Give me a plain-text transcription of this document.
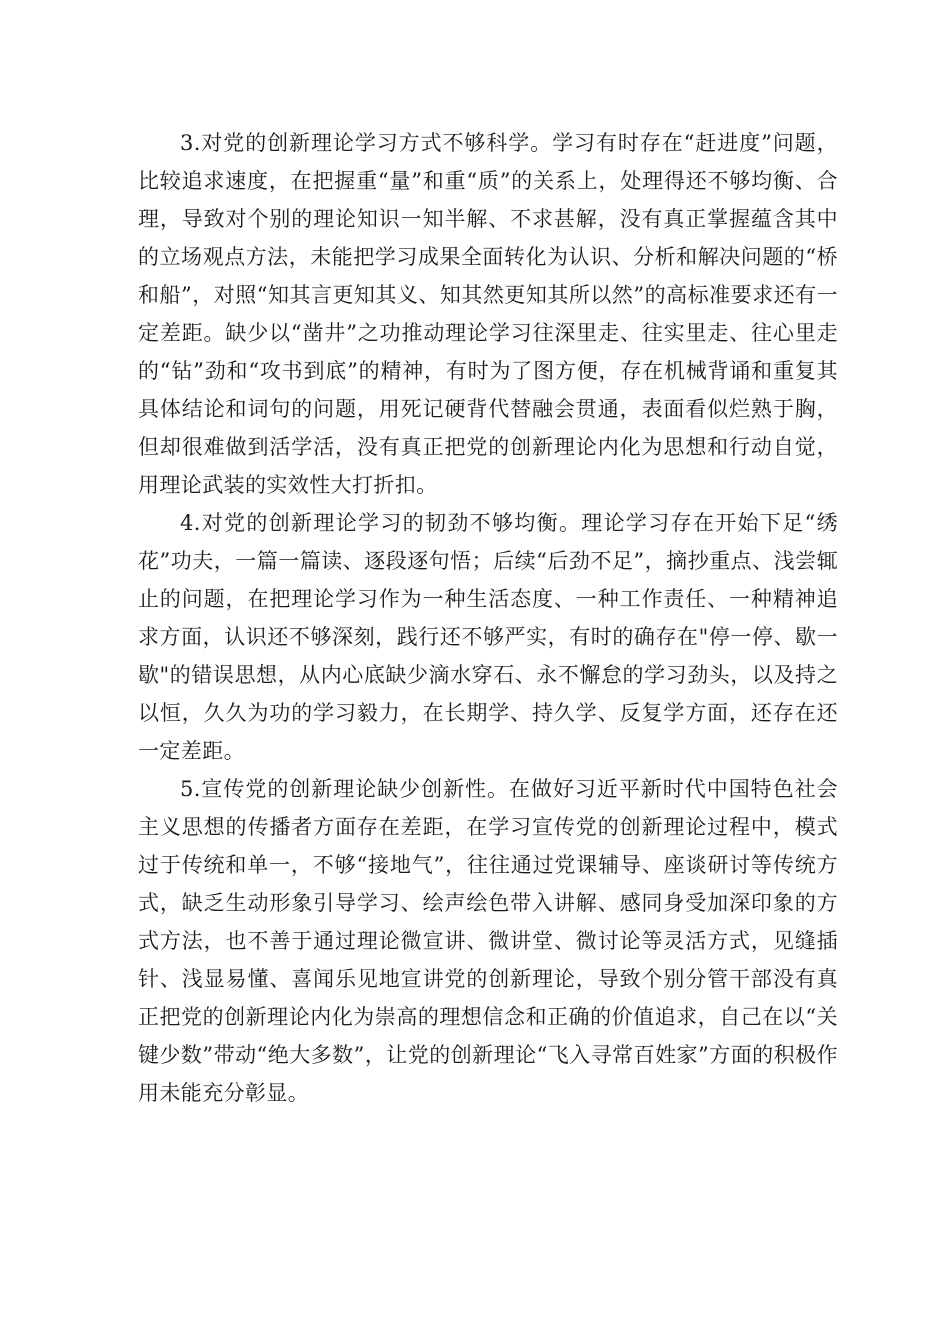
3.对党的创新理论学习方式不够科学。学习有时存在“赶进度”问题，比较追求速度，在把握重“量”和重“质”的关系上，处理得还不够均衡、合理，导致对个别的理论知识一知半解、不求甚解，没有真正掌握蕴含其中的立场观点方法，未能把学习成果全面转化为认识、分析和解决问题的“桥和船”，对照“知其言更知其义、知其然更知其所以然”的高标准要求还有一定差距。缺少以“凿井”之功推动理论学习往深里走、往实里走、往心里走的“钻”劲和“攻书到底”的精神，有时为了图方便，存在机械背诵和重复其具体结论和词句的问题，用死记硬背代替融会贯通，表面看似烂熟于胸，但却很难做到活学活，没有真正把党的创新理论内化为思想和行动自觉，用理论武装的实效性大打折扣。

4.对党的创新理论学习的韧劲不够均衡。理论学习存在开始下足“绣花”功夫，一篇一篇读、逐段逐句悟；后续“后劲不足”，摘抄重点、浅尝辄止的问题，在把理论学习作为一种生活态度、一种工作责任、一种精神追求方面，认识还不够深刻，践行还不够严实，有时的确存在"停一停、歇一歇"的错误思想，从内心底缺少滴水穿石、永不懈怠的学习劲头，以及持之以恒，久久为功的学习毅力，在长期学、持久学、反复学方面，还存在还一定差距。

5.宣传党的创新理论缺少创新性。在做好习近平新时代中国特色社会主义思想的传播者方面存在差距，在学习宣传党的创新理论过程中，模式过于传统和单一，不够“接地气”，往往通过党课辅导、座谈研讨等传统方式，缺乏生动形象引导学习、绘声绘色带入讲解、感同身受加深印象的方式方法，也不善于通过理论微宣讲、微讲堂、微讨论等灵活方式，见缝插针、浅显易懂、喜闻乐见地宣讲党的创新理论，导致个别分管干部没有真正把党的创新理论内化为崇高的理想信念和正确的价值追求，自己在以“关键少数”带动“绝大多数”，让党的创新理论“飞入寻常百姓家”方面的积极作用未能充分彰显。
